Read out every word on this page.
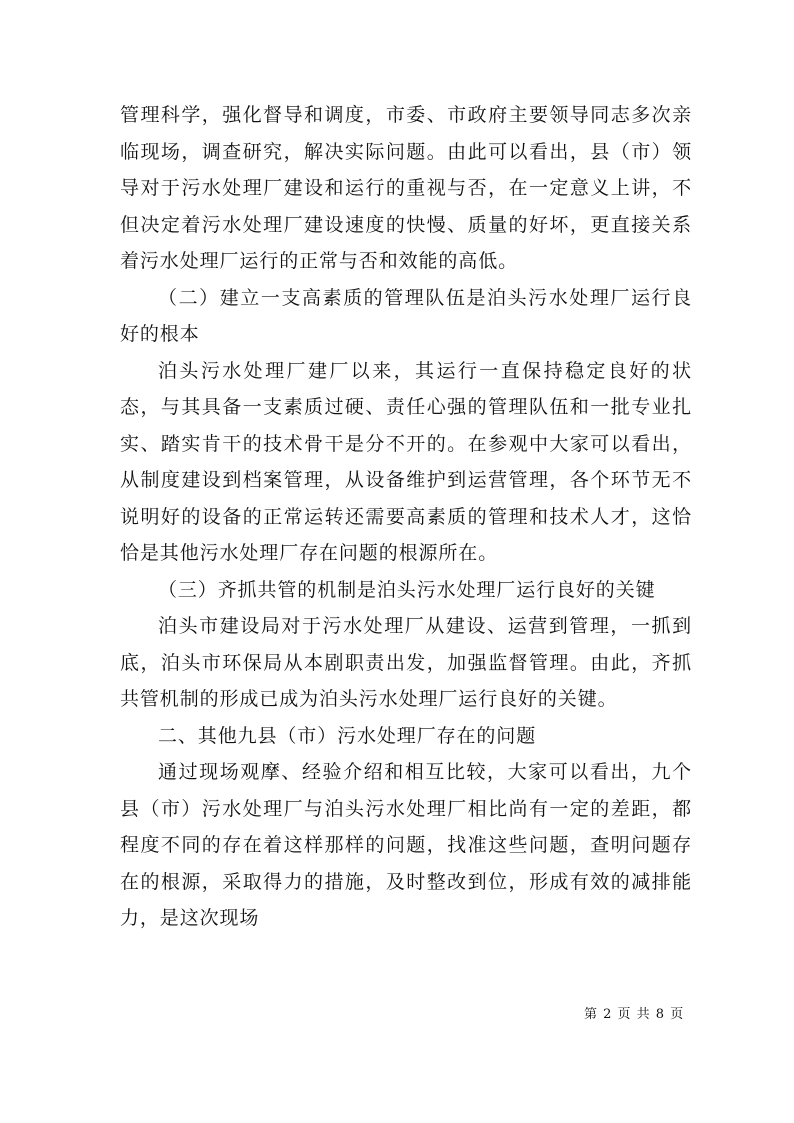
管理科学，强化督导和调度，市委、市政府主要领导同志多次亲临现场，调查研究，解决实际问题。由此可以看出，县（市）领导对于污水处理厂建设和运行的重视与否，在一定意义上讲，不但决定着污水处理厂建设速度的快慢、质量的好坏，更直接关系着污水处理厂运行的正常与否和效能的高低。

（二）建立一支高素质的管理队伍是泊头污水处理厂运行良好的根本

泊头污水处理厂建厂以来，其运行一直保持稳定良好的状态，与其具备一支素质过硬、责任心强的管理队伍和一批专业扎实、踏实肯干的技术骨干是分不开的。在参观中大家可以看出，从制度建设到档案管理，从设备维护到运营管理，各个环节无不说明好的设备的正常运转还需要高素质的管理和技术人才，这恰恰是其他污水处理厂存在问题的根源所在。

（三）齐抓共管的机制是泊头污水处理厂运行良好的关键

泊头市建设局对于污水处理厂从建设、运营到管理，一抓到底，泊头市环保局从本剧职责出发，加强监督管理。由此，齐抓共管机制的形成已成为泊头污水处理厂运行良好的关键。

二、其他九县（市）污水处理厂存在的问题

通过现场观摩、经验介绍和相互比较，大家可以看出，九个县（市）污水处理厂与泊头污水处理厂相比尚有一定的差距，都程度不同的存在着这样那样的问题，找准这些问题，查明问题存在的根源，采取得力的措施，及时整改到位，形成有效的减排能力，是这次现场

第 2 页 共 8 页
